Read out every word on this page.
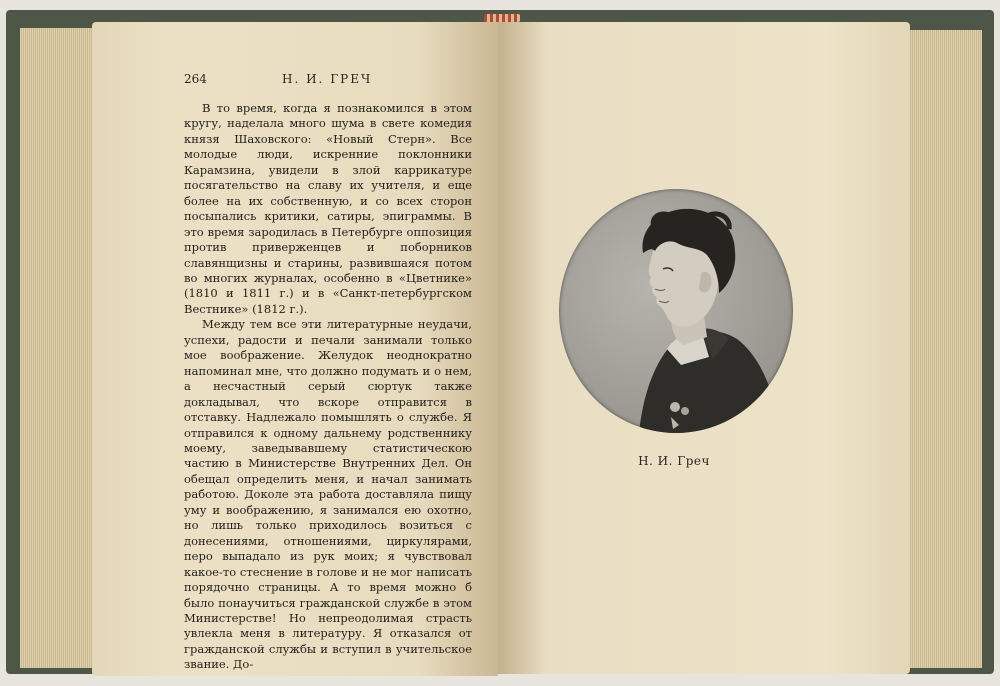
264	Н. И. ГРЕЧ

В то время, когда я познакомился в этом кругу, наделала много шума в свете комедия князя Шаховского: «Новый Стерн». Все молодые люди, искренние поклонники Карамзина, увидели в злой каррикатуре посягательство на славу их учителя, и еще более на их собственную, и со всех сторон посыпались критики, сатиры, эпиграммы. В это время зародилась в Петербурге оппозиция против приверженцев и поборников славянщизны и старины, развившаяся потом во многих журналах, особенно в «Цветнике» (1810 и 1811 г.) и в «Санкт-петербургском Вестнике» (1812 г.).

Между тем все эти литературные неудачи, успехи, радости и печали занимали только мое воображение. Желудок неоднократно напоминал мне, что должно подумать и о нем, а несчастный серый сюртук также докладывал, что вскоре отправится в отставку. Надлежало помышлять о службе. Я отправился к одному дальнему родственнику моему, заведывавшему статистическою частию в Министерстве Внутренних Дел. Он обещал определить меня, и начал занимать работою. Доколе эта работа доставляла пищу уму и воображению, я занимался ею охотно, но лишь только приходилось возиться с донесениями, отношениями, циркулярами, перо выпадало из рук моих; я чувствовал какое-то стеснение в голове и не мог написать порядочно страницы. А то время можно б было понаучиться гражданской службе в этом Министерстве! Но непреодолимая страсть увлекла меня в литературу. Я отказался от гражданской службы и вступил в учительское звание. До-

Н. И. Греч
